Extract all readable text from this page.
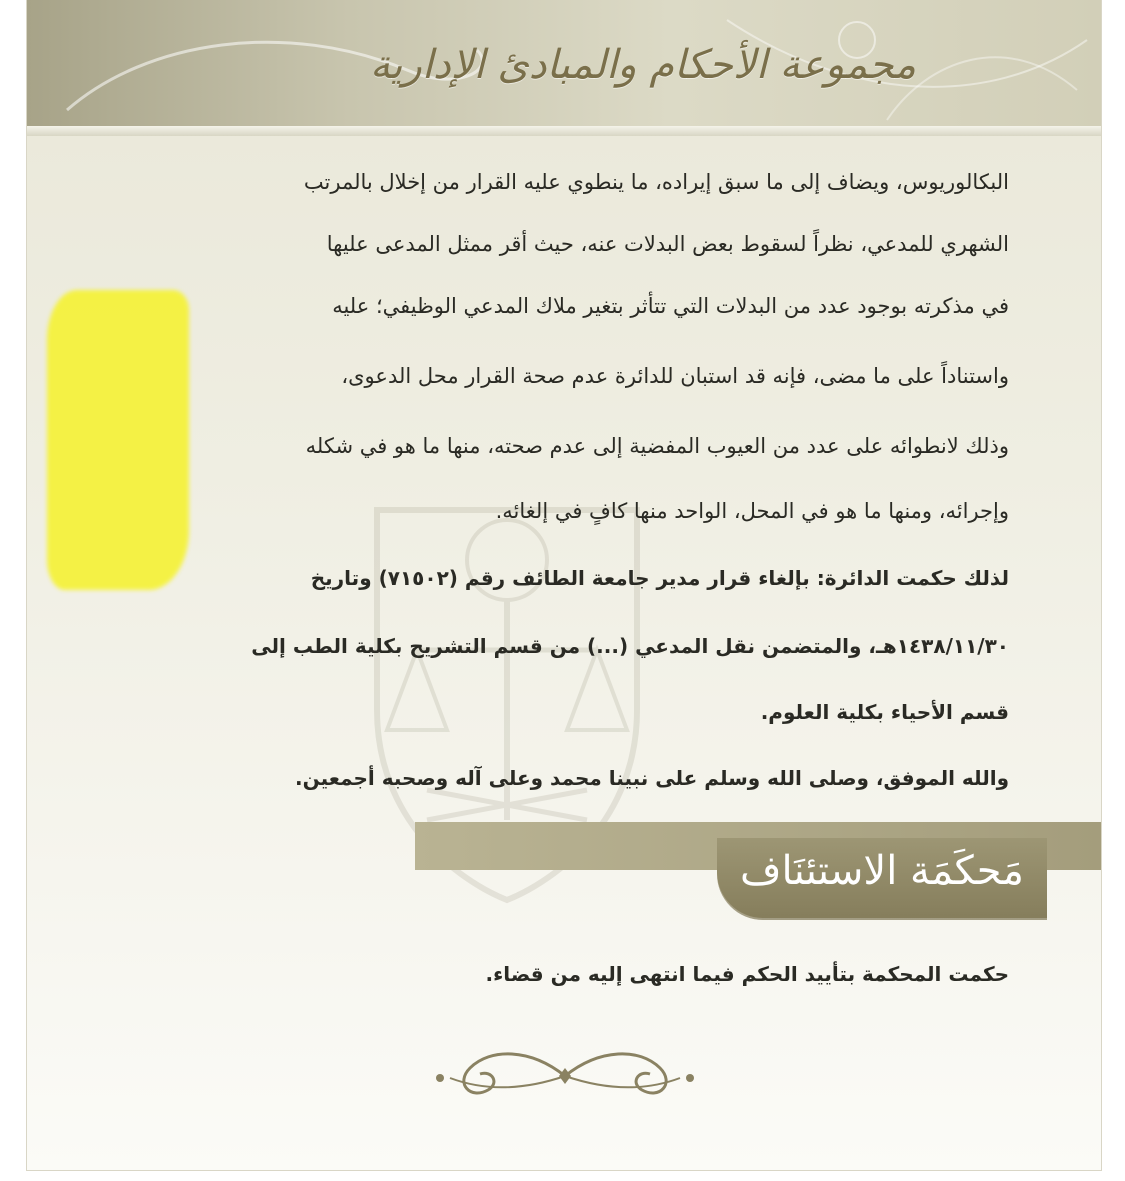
مجموعة الأحكام والمبادئ الإدارية
البكالوريوس، ويضاف إلى ما سبق إيراده، ما ينطوي عليه القرار من إخلال بالمرتب
الشهري للمدعي، نظراً لسقوط بعض البدلات عنه، حيث أقر ممثل المدعى عليها
في مذكرته بوجود عدد من البدلات التي تتأثر بتغير ملاك المدعي الوظيفي؛ عليه
واستناداً على ما مضى، فإنه قد استبان للدائرة عدم صحة القرار محل الدعوى،
وذلك لانطوائه على عدد من العيوب المفضية إلى عدم صحته، منها ما هو في شكله
وإجرائه، ومنها ما هو في المحل، الواحد منها كافٍ في إلغائه.
لذلك حكمت الدائرة: بإلغاء قرار مدير جامعة الطائف رقم (٧١٥٠٢) وتاريخ
١٤٣٨/١١/٣٠هـ، والمتضمن نقل المدعي (...) من قسم التشريح بكلية الطب إلى
قسم الأحياء بكلية العلوم.
والله الموفق، وصلى الله وسلم على نبينا محمد وعلى آله وصحبه أجمعين.
مَحكَمَة الاستئنَاف
حكمت المحكمة بتأييد الحكم فيما انتهى إليه من قضاء.
